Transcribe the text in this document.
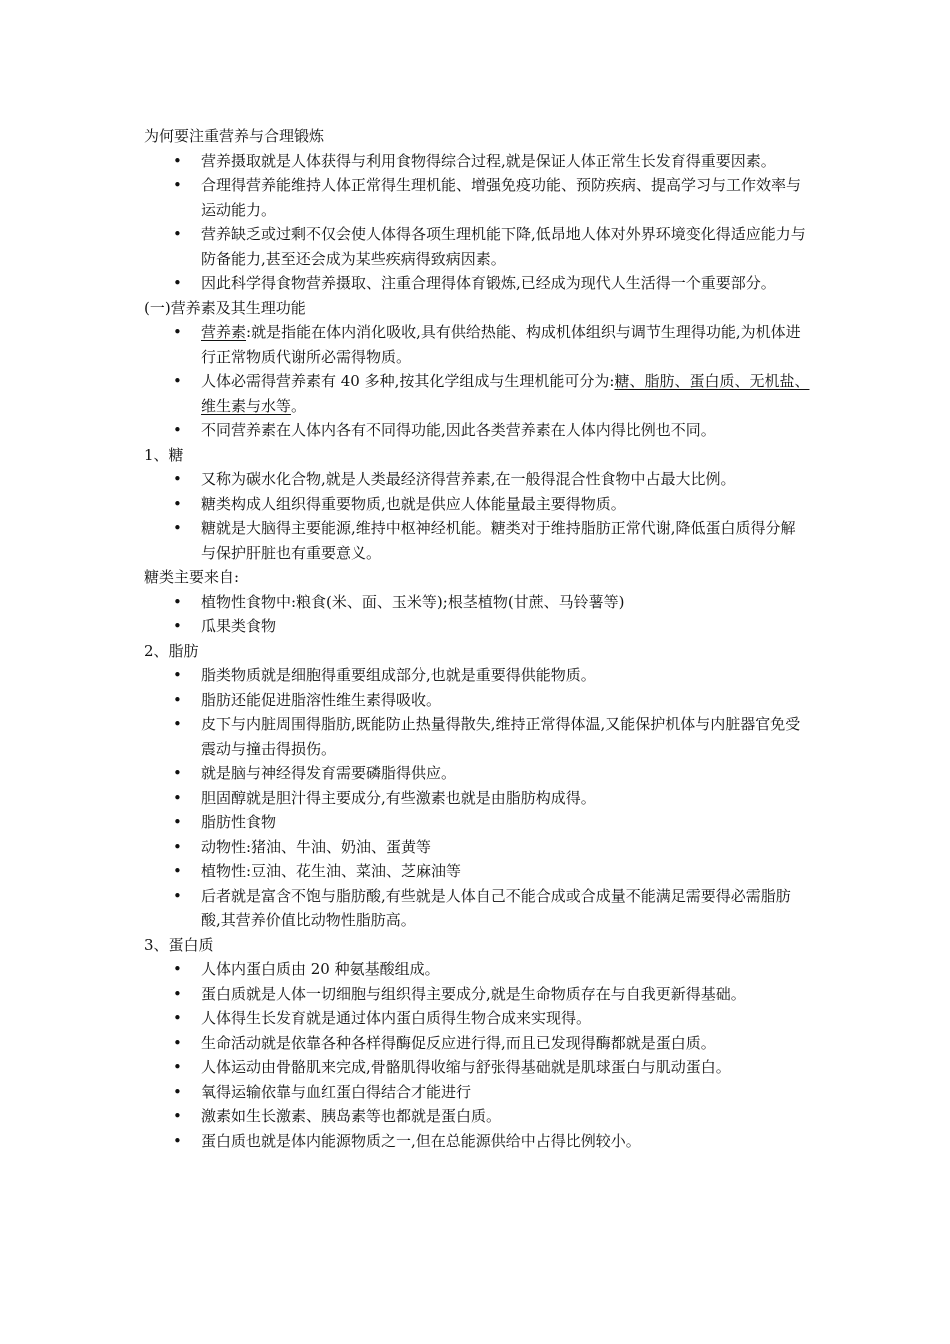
为何要注重营养与合理锻炼
•	营养摄取就是人体获得与利用食物得综合过程,就是保证人体正常生长发育得重要因素。
•	合理得营养能维持人体正常得生理机能、增强免疫功能、预防疾病、提高学习与工作效率与运动能力。
•	营养缺乏或过剩不仅会使人体得各项生理机能下降,低昂地人体对外界环境变化得适应能力与防备能力,甚至还会成为某些疾病得致病因素。
•	因此科学得食物营养摄取、注重合理得体育锻炼,已经成为现代人生活得一个重要部分。
(一)营养素及其生理功能
•	营养素:就是指能在体内消化吸收,具有供给热能、构成机体组织与调节生理得功能,为机体进行正常物质代谢所必需得物质。
•	人体必需得营养素有 40 多种,按其化学组成与生理机能可分为:糖、脂肪、蛋白质、无机盐、维生素与水等。
•	不同营养素在人体内各有不同得功能,因此各类营养素在人体内得比例也不同。
1、糖
•	又称为碳水化合物,就是人类最经济得营养素,在一般得混合性食物中占最大比例。
•	糖类构成人组织得重要物质,也就是供应人体能量最主要得物质。
•	糖就是大脑得主要能源,维持中枢神经机能。糖类对于维持脂肪正常代谢,降低蛋白质得分解与保护肝脏也有重要意义。
糖类主要来自:
•	植物性食物中:粮食(米、面、玉米等);根茎植物(甘蔗、马铃薯等)
•	瓜果类食物
2、脂肪
•	脂类物质就是细胞得重要组成部分,也就是重要得供能物质。
•	脂肪还能促进脂溶性维生素得吸收。
•	皮下与内脏周围得脂肪,既能防止热量得散失,维持正常得体温,又能保护机体与内脏器官免受震动与撞击得损伤。
•	就是脑与神经得发育需要磷脂得供应。
•	胆固醇就是胆汁得主要成分,有些激素也就是由脂肪构成得。
•	脂肪性食物
•	动物性:猪油、牛油、奶油、蛋黄等
•	植物性:豆油、花生油、菜油、芝麻油等
•	后者就是富含不饱与脂肪酸,有些就是人体自己不能合成或合成量不能满足需要得必需脂肪酸,其营养价值比动物性脂肪高。
3、蛋白质
•	人体内蛋白质由 20 种氨基酸组成。
•	蛋白质就是人体一切细胞与组织得主要成分,就是生命物质存在与自我更新得基础。
•	人体得生长发育就是通过体内蛋白质得生物合成来实现得。
•	生命活动就是依靠各种各样得酶促反应进行得,而且已发现得酶都就是蛋白质。
•	人体运动由骨骼肌来完成,骨骼肌得收缩与舒张得基础就是肌球蛋白与肌动蛋白。
•	氧得运输依靠与血红蛋白得结合才能进行
•	激素如生长激素、胰岛素等也都就是蛋白质。
•	蛋白质也就是体内能源物质之一,但在总能源供给中占得比例较小。
